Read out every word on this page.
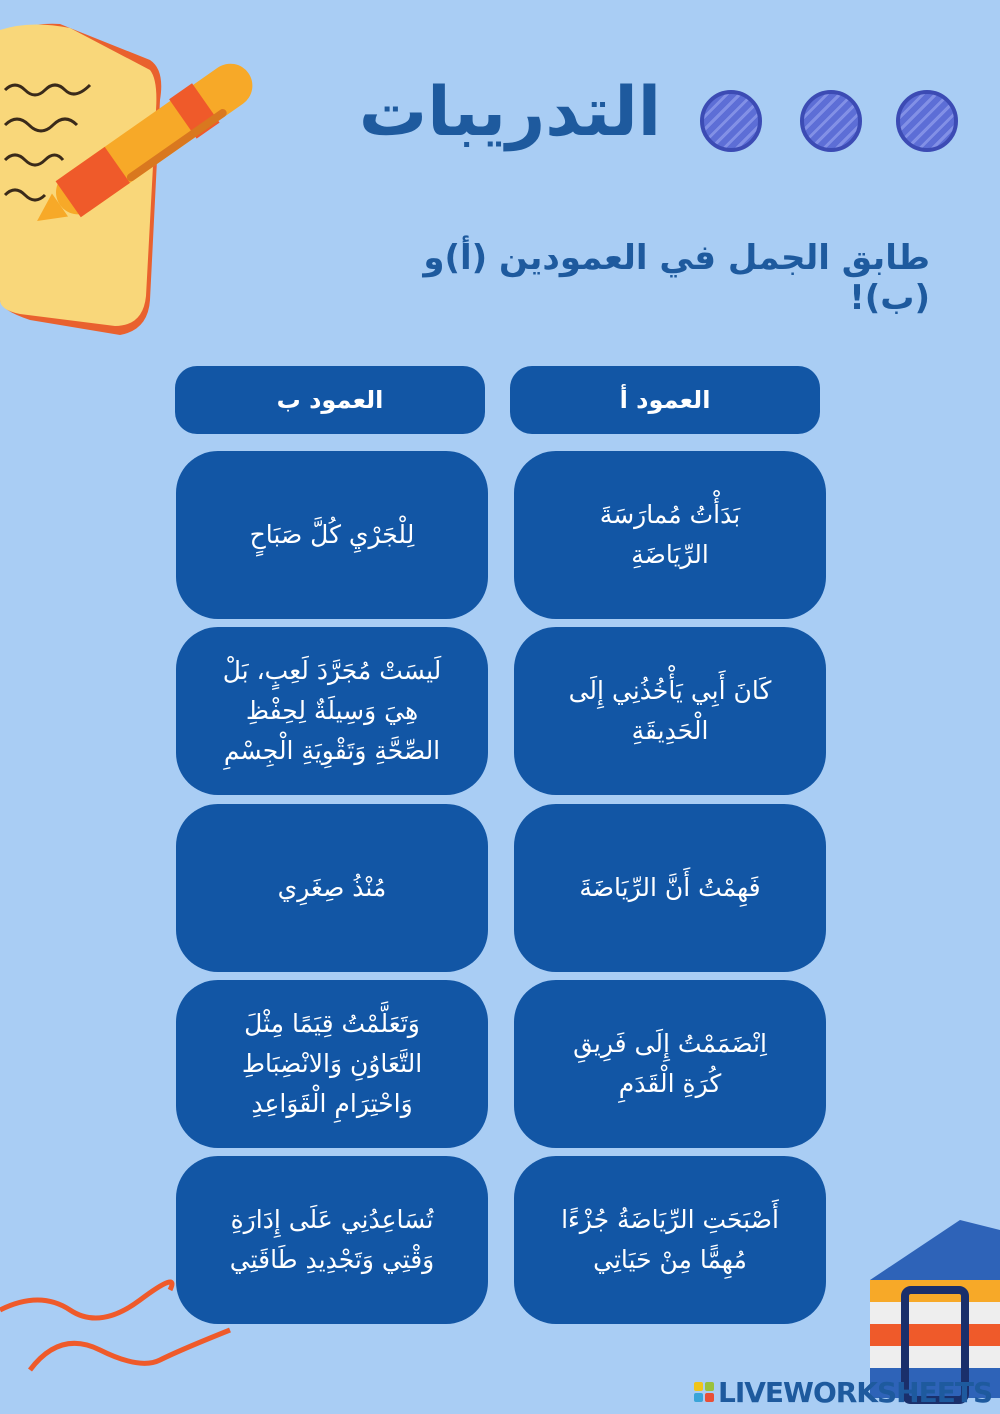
التدريبات
طابق الجمل في العمودين (أ)و (ب)!
العمود أ
العمود ب
بَدَأْتُ مُمارَسَةَ
الرِّيَاضَةِ
كَانَ أَبِي يَأْخُذُنِي إِلَى
الْحَدِيقَةِ
فَهِمْتُ أَنَّ الرِّيَاضَةَ
اِنْضَمَمْتُ إِلَى فَرِيقِ
كُرَةِ الْقَدَمِ
أَصْبَحَتِ الرِّيَاضَةُ جُزْءًا
مُهِمًّا مِنْ حَيَاتِي
لِلْجَرْيِ كُلَّ صَبَاحٍ
لَيسَتْ مُجَرَّدَ لَعِبٍ، بَلْ
هِيَ وَسِيلَةٌ لِحِفْظِ
الصِّحَّةِ وَتَقْوِيَةِ الْجِسْمِ
مُنْذُ صِغَرِي
وَتَعَلَّمْتُ قِيَمًا مِثْلَ
التَّعَاوُنِ وَالانْضِبَاطِ
وَاحْتِرَامِ الْقَوَاعِدِ
تُسَاعِدُنِي عَلَى إِدَارَةِ
وَقْتِي وَتَجْدِيدِ طَاقَتِي
LIVEWORKSHEETS
